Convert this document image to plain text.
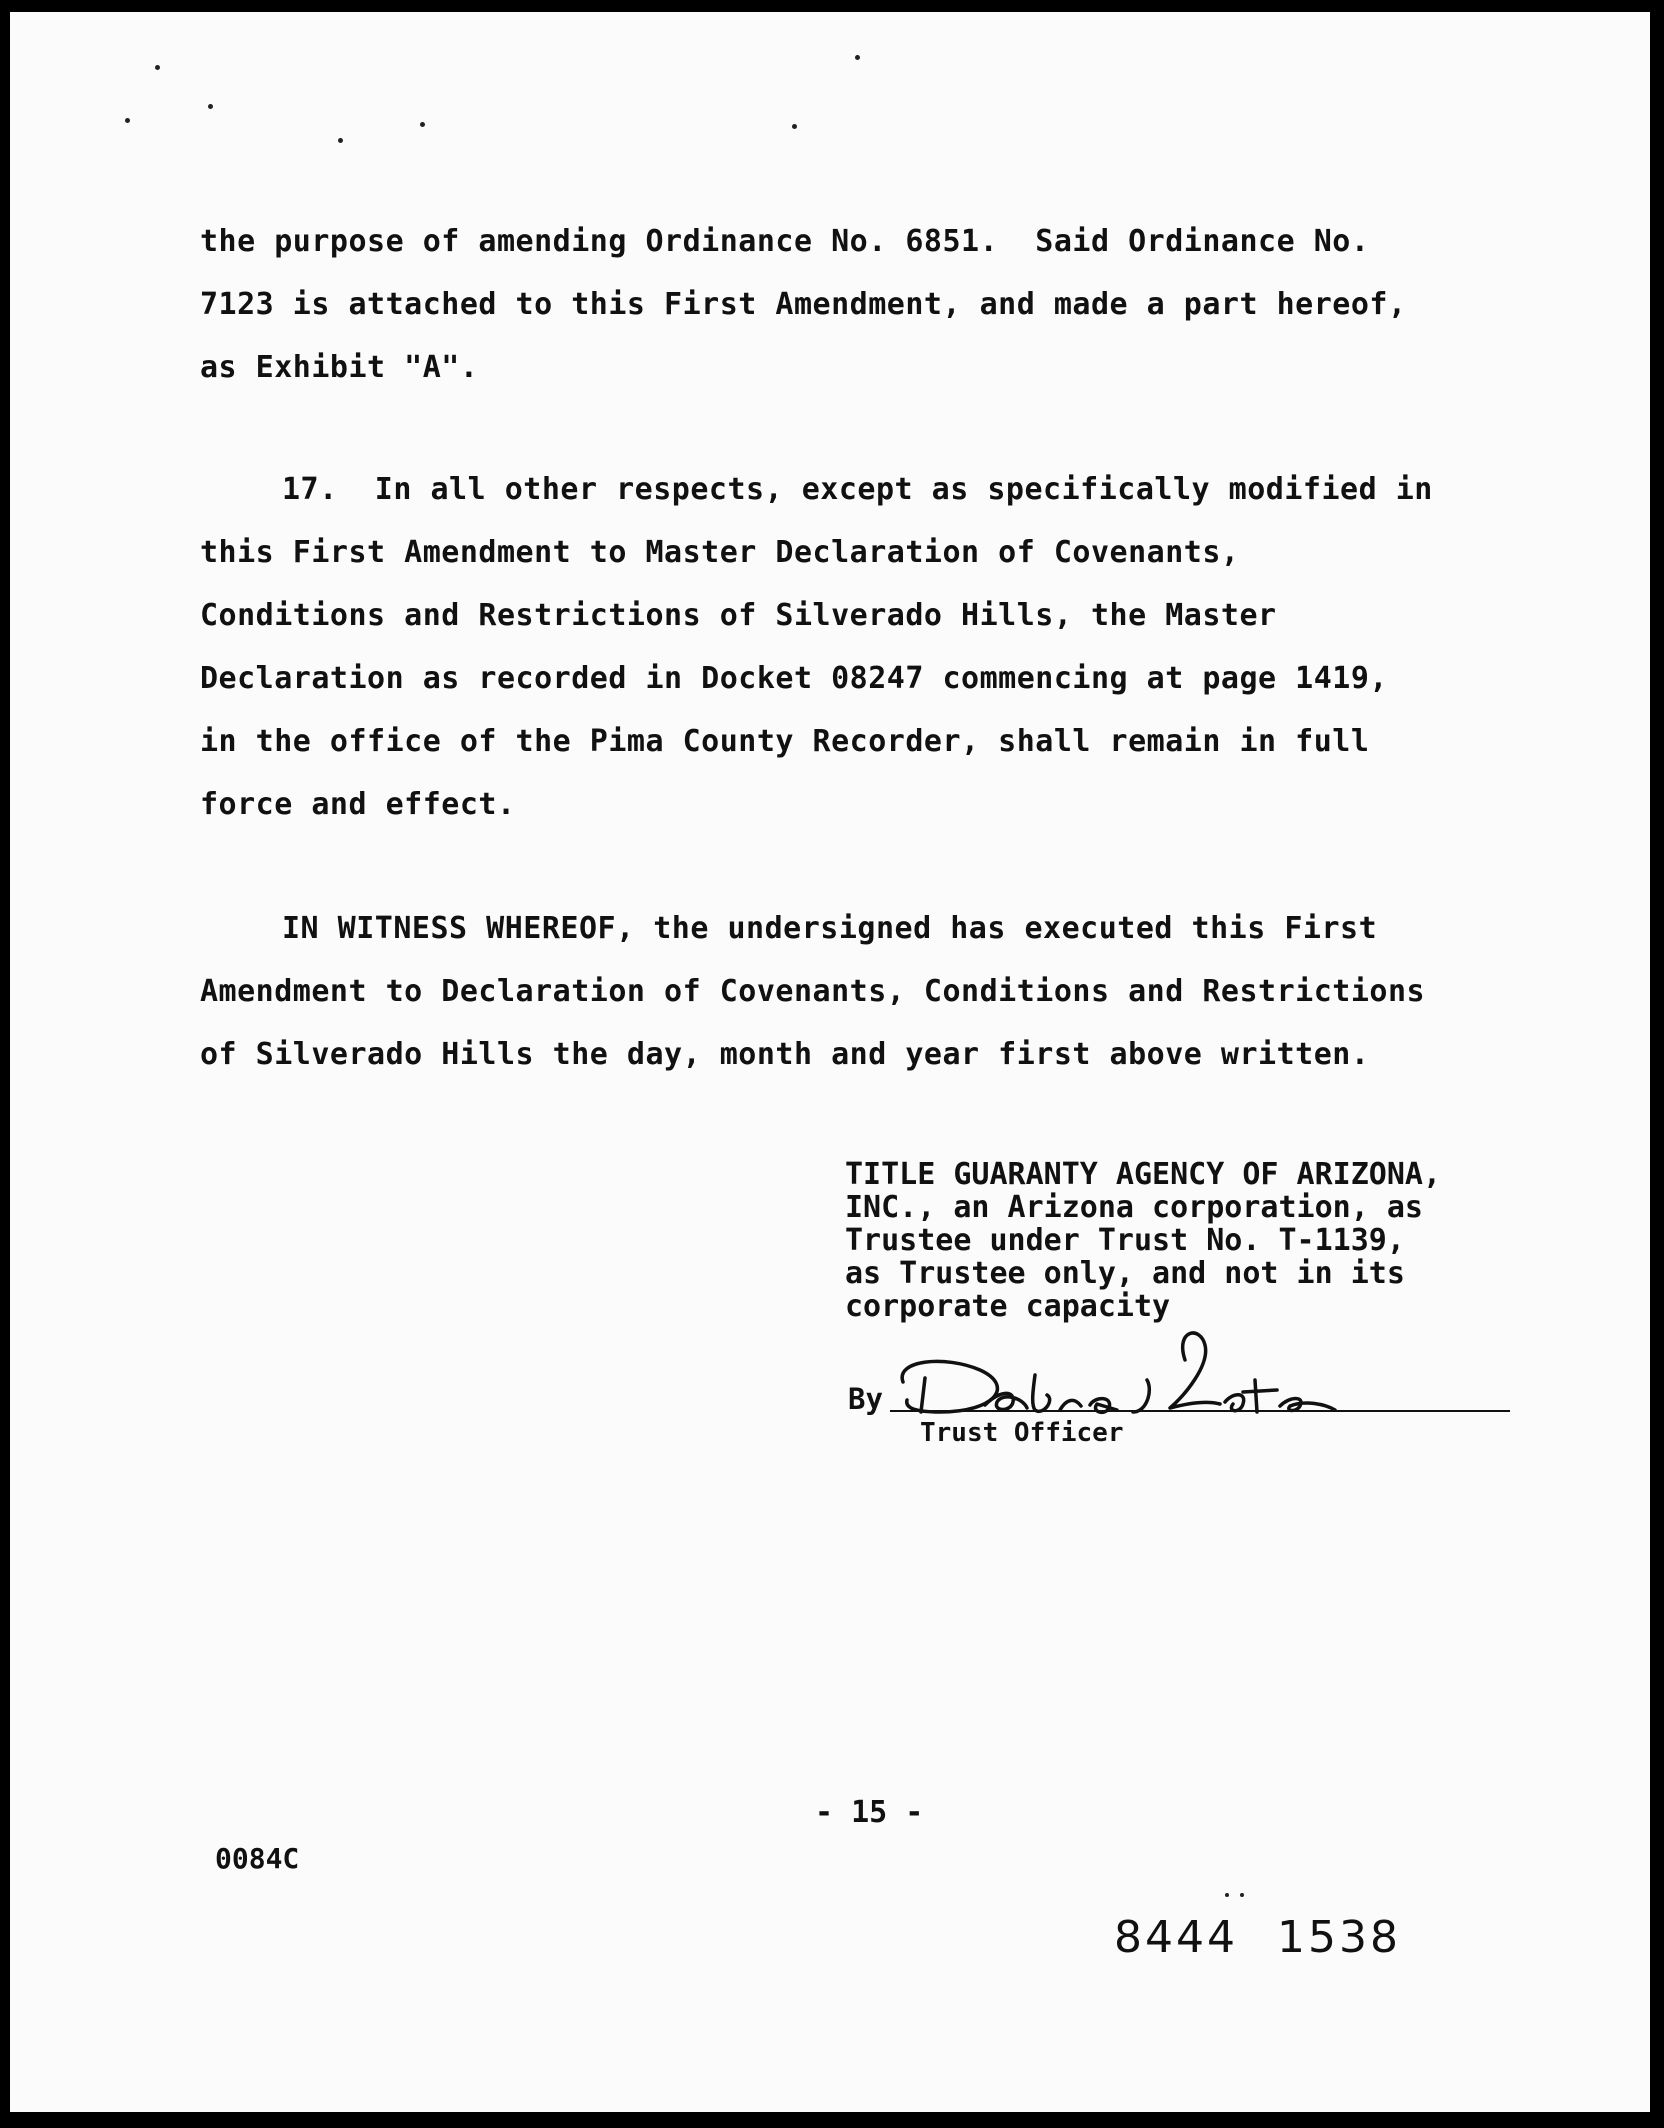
the purpose of amending Ordinance No. 6851.  Said Ordinance No.
7123 is attached to this First Amendment, and made a part hereof,
as Exhibit "A".
17.  In all other respects, except as specifically modified in
this First Amendment to Master Declaration of Covenants,
Conditions and Restrictions of Silverado Hills, the Master
Declaration as recorded in Docket 08247 commencing at page 1419,
in the office of the Pima County Recorder, shall remain in full
force and effect.
IN WITNESS WHEREOF, the undersigned has executed this First
Amendment to Declaration of Covenants, Conditions and Restrictions
of Silverado Hills the day, month and year first above written.
TITLE GUARANTY AGENCY OF ARIZONA,
INC., an Arizona corporation, as
Trustee under Trust No. T-1139,
as Trustee only, and not in its
corporate capacity
By
Trust Officer
- 15 -
0084C
8444 1538
